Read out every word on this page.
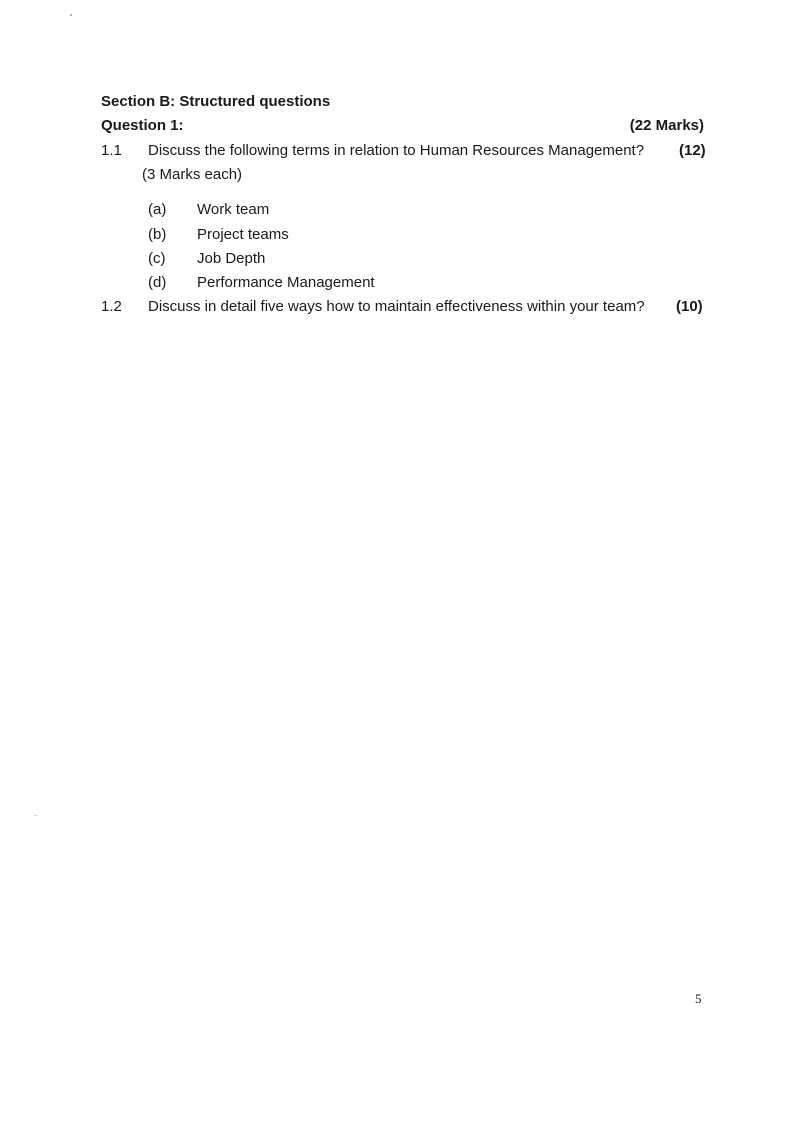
Section B: Structured questions
Question 1:	(22 Marks)
1.1 Discuss the following terms in relation to Human Resources Management?	(12)
(3 Marks each)
(a) Work team
(b) Project teams
(c) Job Depth
(d) Performance Management
1.2 Discuss in detail five ways how to maintain effectiveness within your team? (10)
5
